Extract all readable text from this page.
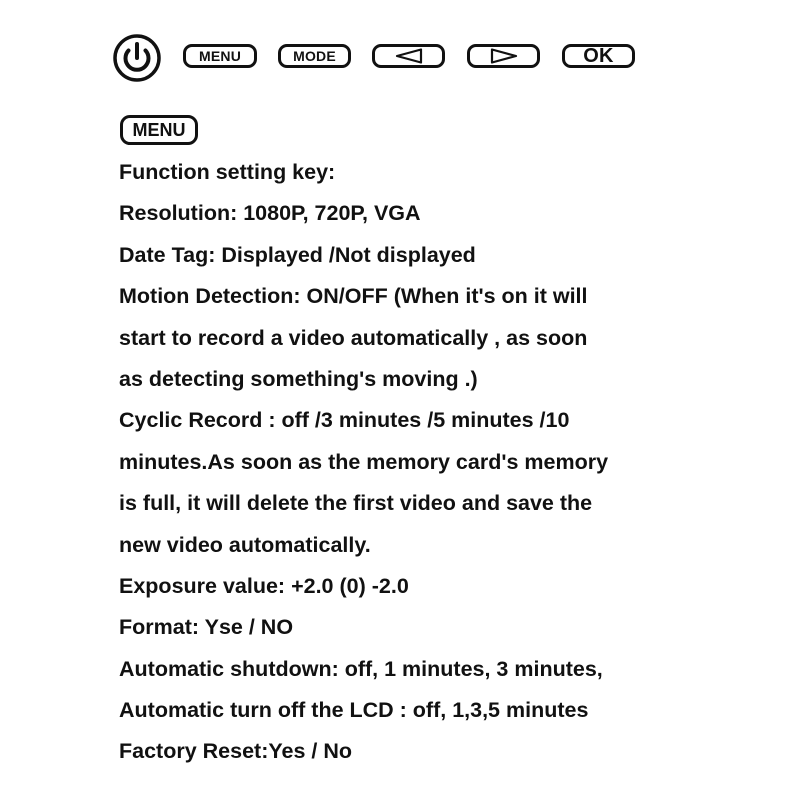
MENU	MODE	OK
MENU
Function setting key:
Resolution: 1080P, 720P, VGA
Date Tag: Displayed /Not displayed
Motion Detection: ON/OFF (When it's on it will
start to record a video automatically , as soon
as detecting something's moving .)
Cyclic Record : off /3 minutes /5 minutes /10
minutes.As soon as the memory card's memory
is full, it will delete the first video and save the
new video automatically.
Exposure value: +2.0 (0) -2.0
Format: Yse / NO
Automatic shutdown: off, 1 minutes, 3 minutes,
Automatic turn off the LCD : off, 1,3,5 minutes
Factory Reset:Yes / No
